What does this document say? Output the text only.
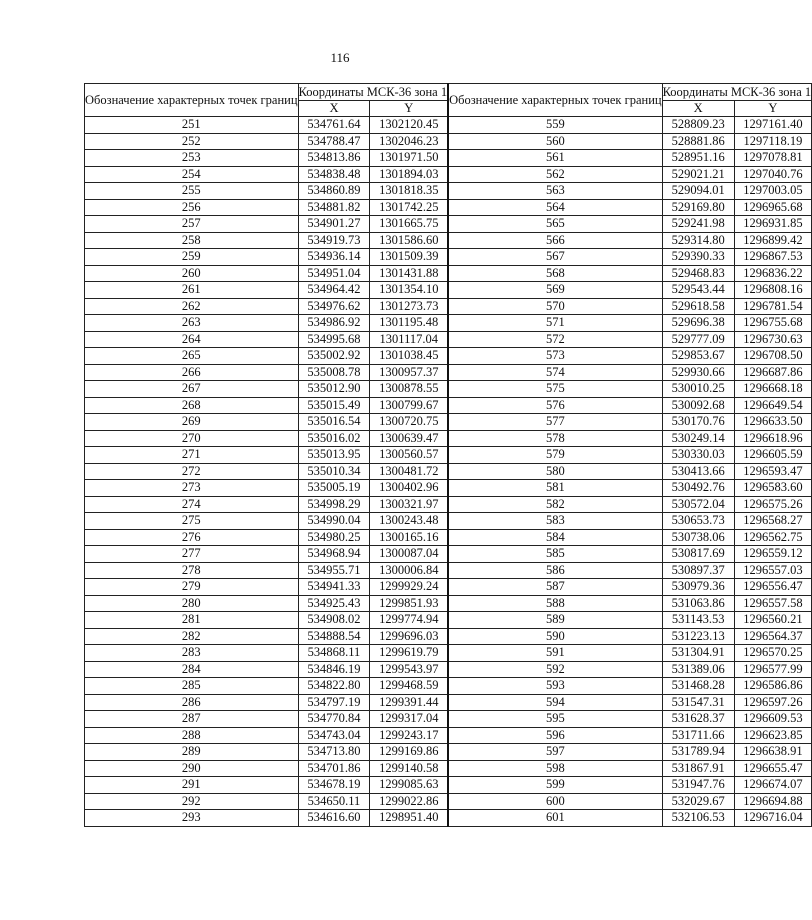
116
Обозначение характерных точек границ	Координаты МСК-36 зона 1		Обозначение характерных точек границ	Координаты МСК-36 зона 1	
	X	Y		X	Y
251	534761.64	1302120.45	559	528809.23	1297161.40
252	534788.47	1302046.23	560	528881.86	1297118.19
253	534813.86	1301971.50	561	528951.16	1297078.81
254	534838.48	1301894.03	562	529021.21	1297040.76
255	534860.89	1301818.35	563	529094.01	1297003.05
256	534881.82	1301742.25	564	529169.80	1296965.68
257	534901.27	1301665.75	565	529241.98	1296931.85
258	534919.73	1301586.60	566	529314.80	1296899.42
259	534936.14	1301509.39	567	529390.33	1296867.53
260	534951.04	1301431.88	568	529468.83	1296836.22
261	534964.42	1301354.10	569	529543.44	1296808.16
262	534976.62	1301273.73	570	529618.58	1296781.54
263	534986.92	1301195.48	571	529696.38	1296755.68
264	534995.68	1301117.04	572	529777.09	1296730.63
265	535002.92	1301038.45	573	529853.67	1296708.50
266	535008.78	1300957.37	574	529930.66	1296687.86
267	535012.90	1300878.55	575	530010.25	1296668.18
268	535015.49	1300799.67	576	530092.68	1296649.54
269	535016.54	1300720.75	577	530170.76	1296633.50
270	535016.02	1300639.47	578	530249.14	1296618.96
271	535013.95	1300560.57	579	530330.03	1296605.59
272	535010.34	1300481.72	580	530413.66	1296593.47
273	535005.19	1300402.96	581	530492.76	1296583.60
274	534998.29	1300321.97	582	530572.04	1296575.26
275	534990.04	1300243.48	583	530653.73	1296568.27
276	534980.25	1300165.16	584	530738.06	1296562.75
277	534968.94	1300087.04	585	530817.69	1296559.12
278	534955.71	1300006.84	586	530897.37	1296557.03
279	534941.33	1299929.24	587	530979.36	1296556.47
280	534925.43	1299851.93	588	531063.86	1296557.58
281	534908.02	1299774.94	589	531143.53	1296560.21
282	534888.54	1299696.03	590	531223.13	1296564.37
283	534868.11	1299619.79	591	531304.91	1296570.25
284	534846.19	1299543.97	592	531389.06	1296577.99
285	534822.80	1299468.59	593	531468.28	1296586.86
286	534797.19	1299391.44	594	531547.31	1296597.26
287	534770.84	1299317.04	595	531628.37	1296609.53
288	534743.04	1299243.17	596	531711.66	1296623.85
289	534713.80	1299169.86	597	531789.94	1296638.91
290	534701.86	1299140.58	598	531867.91	1296655.47
291	534678.19	1299085.63	599	531947.76	1296674.07
292	534650.11	1299022.86	600	532029.67	1296694.88
293	534616.60	1298951.40	601	532106.53	1296716.04
